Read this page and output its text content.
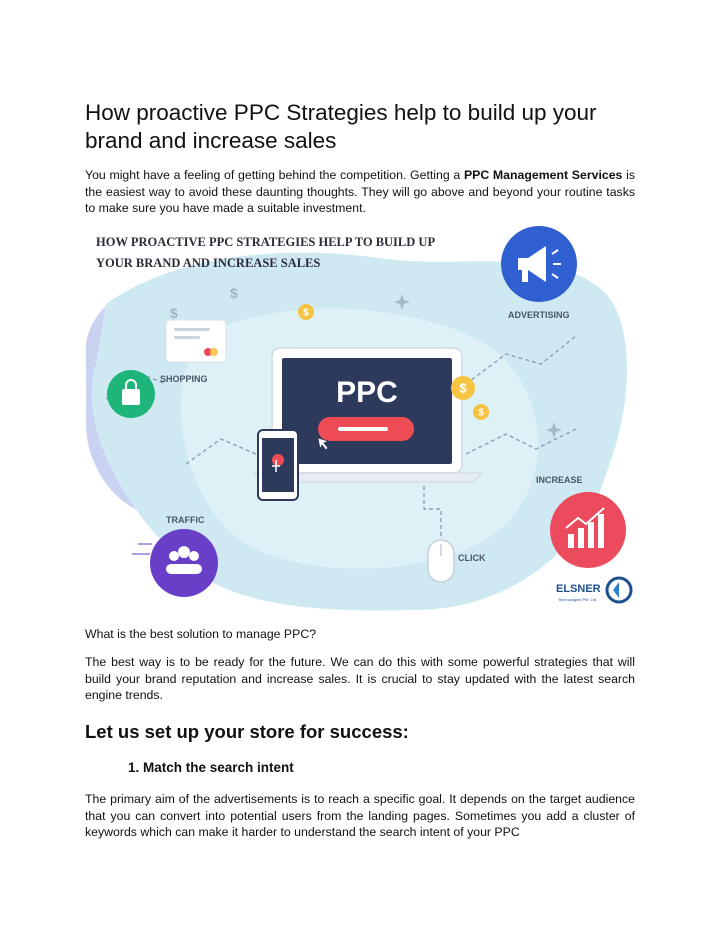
How proactive PPC Strategies help to build up your brand and increase sales

You might have a feeling of getting behind the competition. Getting a PPC Management Services is the easiest way to avoid these daunting thoughts. They will go above and beyond your routine tasks to make sure you have made a suitable investment.

HOW PROACTIVE PPC STRATEGIES HELP TO BUILD UP
YOUR BRAND AND INCREASE SALES
PPC
$
$
$
$
$	ADVERTISING
SHOPPING
INCREASE
TRAFFIC
CLICK
ELSNER
Technologies Pvt. Ltd.

What is the best solution to manage PPC?

The best way is to be ready for the future. We can do this with some powerful strategies that will build your brand reputation and increase sales. It is crucial to stay updated with the latest search engine trends.

Let us set up your store for success:
1. Match the search intent

The primary aim of the advertisements is to reach a specific goal. It depends on the target audience that you can convert into potential users from the landing pages. Sometimes you add a cluster of keywords which can make it harder to understand the search intent of your PPC
